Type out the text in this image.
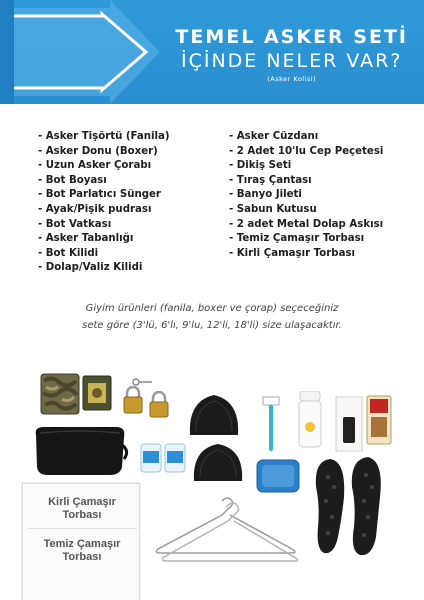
TEMEL ASKER SETİ
İÇİNDE NELER VAR?
(Asker Kolisi)
- Asker Tişörtü (Fanila)
- Asker Donu (Boxer)
- Uzun Asker Çorabı
- Bot Boyası
- Bot Parlatıcı Sünger
- Ayak/Pişik pudrası
- Bot Vatkası
- Asker Tabanlığı
- Bot Kilidi
- Dolap/Valiz Kilidi
- Asker Cüzdanı
- 2 Adet 10'lu Cep Peçetesi
- Dikiş Seti
- Tıraş Çantası
- Banyo Jileti
- Sabun Kutusu
- 2 adet Metal Dolap Askısı
- Temiz Çamaşır Torbası
- Kirli Çamaşır Torbası
Giyim ürünleri (fanila, boxer ve çorap) seçeceğiniz
sete göre (3'lü, 6'lı, 9'lu, 12'li, 18'li) size ulaşacaktır.
Kirli Çamaşır
Torbası
Temiz Çamaşır
Torbası
